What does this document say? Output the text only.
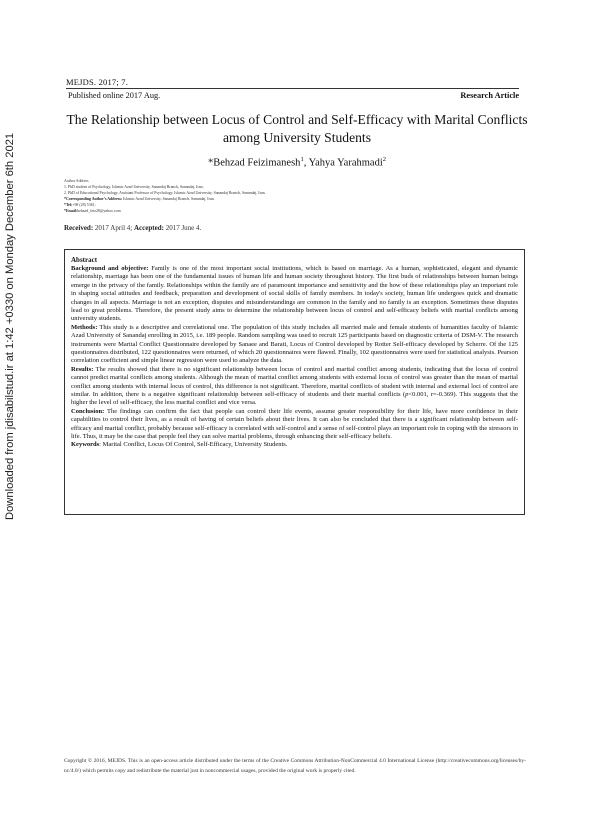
Downloaded from jdisabilstud.ir at 1:42 +0330 on Monday December 6th 2021
MEJDS. 2017; 7.
Published online 2017 Aug.	Research Article
The Relationship between Locus of Control and Self-Efficacy with Marital Conflicts among University Students
*Behzad Feizimanesh$^1$, Yahya Yarahmadi$^2$
Author Address
1. PhD student of Psychology, Islamic Azad University, Sanandaj Branch, Sanandaj, Iran;
2. PhD of Educational Psychology, Assistant Professor of Psychology, Islamic Azad University, Sanandaj Branch, Sanandaj, Iran.
*Corresponding Author’s Address: Islamic Azad University, Sanandaj Branch, Sanandaj, Iran.
*Tel:+98 (28) 5361;
*Email:behzad_feiz28@yahoo.com
Received: 2017 April 4; Accepted: 2017 June 4.
Abstract

Background and objective: Family is one of the most important social institutions, which is based on marriage. As a human, sophisticated, elegant and dynamic relationship, marriage has been one of the fundamental issues of human life and human society throughout history. The first buds of relationships between human beings emerge in the privacy of the family. Relationships within the family are of paramount importance and sensitivity and the how of these relationships play an important role in shaping social attitudes and feedback, preparation and development of social skills of family members. In today's society, human life undergoes quick and dramatic changes in all aspects. Marriage is not an exception, disputes and misunderstandings are common in the family and no family is an exception. Sometimes these disputes lead to great problems. Therefore, the present study aims to determine the relationship between locus of control and self-efficacy beliefs with marital conflicts among university students.

Methods: This study is a descriptive and correlational one. The population of this study includes all married male and female students of humanities faculty of Islamic Azad University of Sanandaj enrolling in 2015, i.e. 189 people. Random sampling was used to recruit 125 participants based on diagnostic criteria of DSM-V. The research instruments were Marital Conflict Questionnaire developed by Sanaee and Barati, Locus of Control developed by Rotter Self-efficacy developed by Scherre. Of the 125 questionnaires distributed, 122 questionnaires were returned, of which 20 questionnaires were flawed. Finally, 102 questionnaires were used for statistical analysis. Pearson correlation coefficient and simple linear regression were used to analyze the data.

Results: The results showed that there is no significant relationship between locus of control and marital conflict among students, indicating that the locus of control cannot predict marital conflicts among students. Although the mean of marital conflict among students with external locus of control was greater than the mean of marital conflict among students with internal locus of control, this difference is not significant. Therefore, marital conflicts of student with internal and external loci of control are similar. In addition, there is a negative significant relationship between self-efficacy of students and their marital conflicts (p<0.001, r=-0.369). This suggests that the higher the level of self-efficacy, the less marital conflict and vice versa.

Conclusion: The findings can confirm the fact that people can control their life events, assume greater responsibility for their life, have more confidence in their capabilities to control their lives, as a result of having of certain beliefs about their lives. It can also be concluded that there is a significant relationship between self-efficacy and marital conflict, probably because self-efficacy is correlated with self-control and a sense of self-control plays an important role in coping with the stressors in life. Thus, it may be the case that people feel they can solve marital problems, through enhancing their self-efficacy beliefs.

Keywords: Marital Conflict, Locus Of Control, Self-Efficacy, University Students.

Copyright © 2016, MEJDS. This is an open-access article distributed under the terms of the Creative Commons Attribution-NonCommercial 4.0 International License (http://creativecommons.org/licenses/by-nc/4.0/) which permits copy and redistribute the material just in noncommercial usages, provided the original work is properly cited.
